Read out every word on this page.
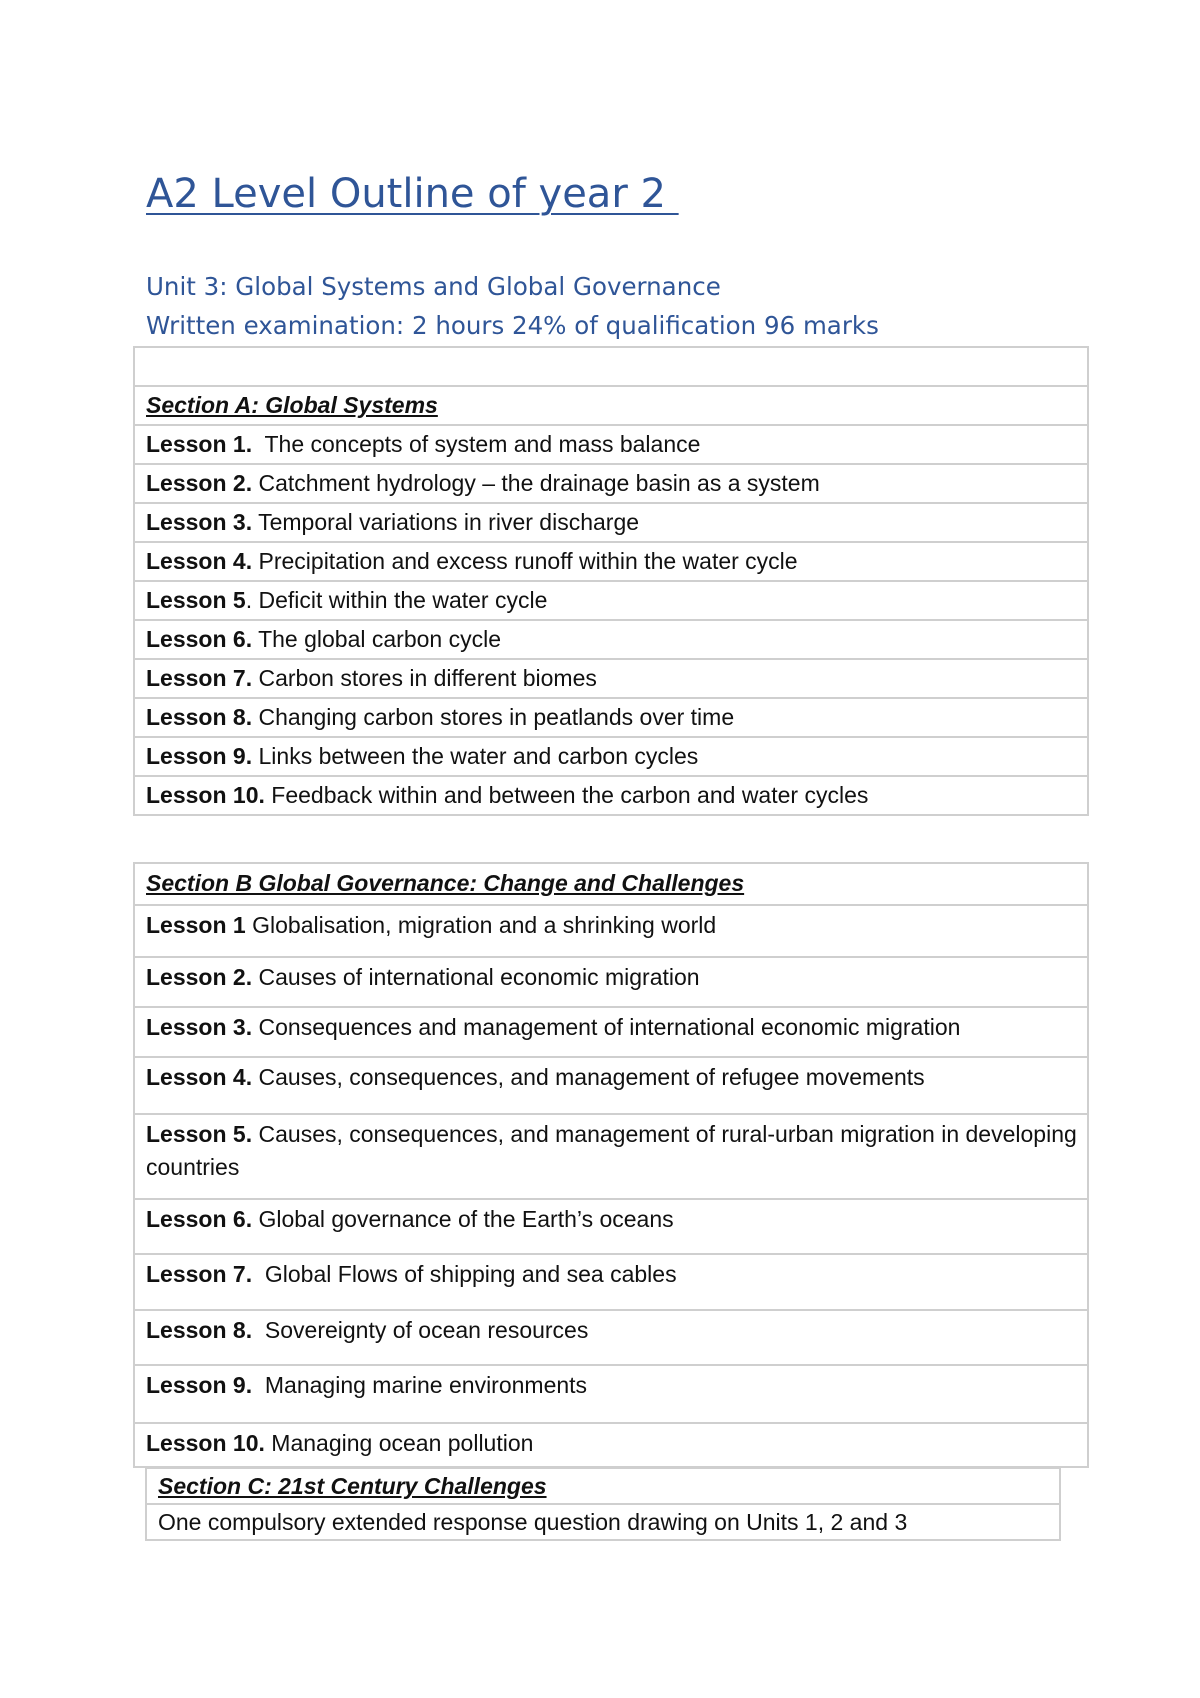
A2 Level Outline of year 2
Unit 3: Global Systems and Global Governance
Written examination: 2 hours 24% of qualification 96 marks

Section A: Global Systems
Lesson 1.  The concepts of system and mass balance
Lesson 2. Catchment hydrology – the drainage basin as a system
Lesson 3. Temporal variations in river discharge
Lesson 4. Precipitation and excess runoff within the water cycle
Lesson 5. Deficit within the water cycle
Lesson 6. The global carbon cycle
Lesson 7. Carbon stores in different biomes
Lesson 8. Changing carbon stores in peatlands over time
Lesson 9. Links between the water and carbon cycles
Lesson 10. Feedback within and between the carbon and water cycles
Section B Global Governance: Change and Challenges
Lesson 1 Globalisation, migration and a shrinking world
Lesson 2. Causes of international economic migration
Lesson 3. Consequences and management of international economic migration
Lesson 4. Causes, consequences, and management of refugee movements
Lesson 5. Causes, consequences, and management of rural-urban migration in developing countries
Lesson 6. Global governance of the Earth’s oceans
Lesson 7.  Global Flows of shipping and sea cables
Lesson 8.  Sovereignty of ocean resources
Lesson 9.  Managing marine environments
Lesson 10. Managing ocean pollution
Section C: 21st Century Challenges
One compulsory extended response question drawing on Units 1, 2 and 3
